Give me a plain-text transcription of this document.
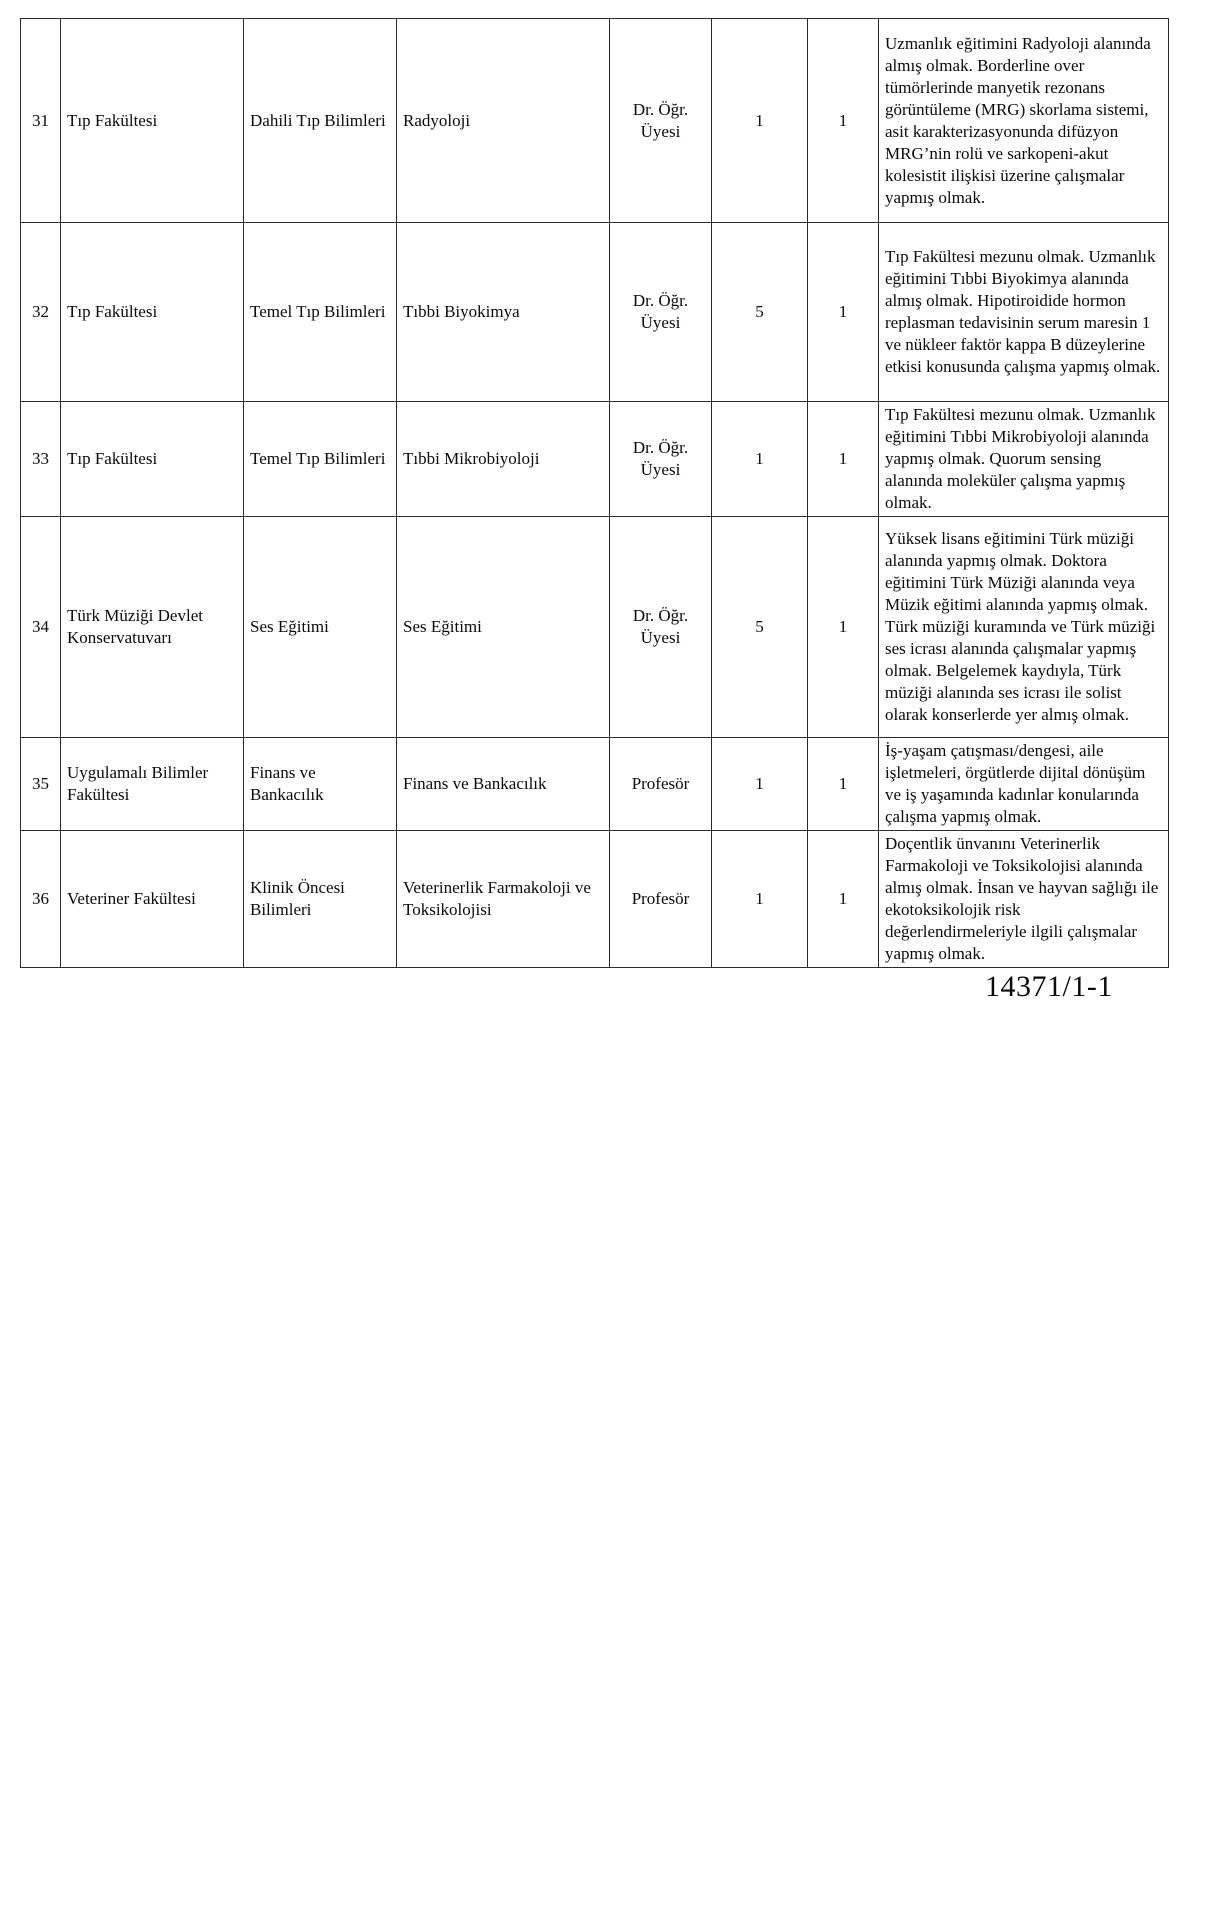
31	Tıp Fakültesi	Dahili Tıp Bilimleri	Radyoloji	Dr. Öğr. Üyesi	1	1	Uzmanlık eğitimini Radyoloji alanında almış olmak. Borderline over tümörlerinde manyetik rezonans görüntüleme (MRG) skorlama sistemi, asit karakterizasyonunda difüzyon MRG’nin rolü ve sarkopeni-akut kolesistit ilişkisi üzerine çalışmalar yapmış olmak.
32	Tıp Fakültesi	Temel Tıp Bilimleri	Tıbbi Biyokimya	Dr. Öğr. Üyesi	5	1	Tıp Fakültesi mezunu olmak. Uzmanlık eğitimini Tıbbi Biyokimya alanında almış olmak. Hipotiroidide hormon replasman tedavisinin serum maresin 1 ve nükleer faktör kappa B düzeylerine etkisi konusunda çalışma yapmış olmak.
33	Tıp Fakültesi	Temel Tıp Bilimleri	Tıbbi Mikrobiyoloji	Dr. Öğr. Üyesi	1	1	Tıp Fakültesi mezunu olmak. Uzmanlık eğitimini Tıbbi Mikrobiyoloji alanında yapmış olmak. Quorum sensing alanında moleküler çalışma yapmış olmak.
34	Türk Müziği Devlet Konservatuvarı	Ses Eğitimi	Ses Eğitimi	Dr. Öğr. Üyesi	5	1	Yüksek lisans eğitimini Türk müziği alanında yapmış olmak. Doktora eğitimini Türk Müziği alanında veya Müzik eğitimi alanında yapmış olmak. Türk müziği kuramında ve Türk müziği ses icrası alanında çalışmalar yapmış olmak. Belgelemek kaydıyla, Türk müziği alanında ses icrası ile solist olarak konserlerde yer almış olmak.
35	Uygulamalı Bilimler Fakültesi	Finans ve Bankacılık	Finans ve Bankacılık	Profesör	1	1	İş-yaşam çatışması/dengesi, aile işletmeleri, örgütlerde dijital dönüşüm ve iş yaşamında kadınlar konularında çalışma yapmış olmak.
36	Veteriner Fakültesi	Klinik Öncesi Bilimleri	Veterinerlik Farmakoloji ve Toksikolojisi	Profesör	1	1	Doçentlik ünvanını Veterinerlik Farmakoloji ve Toksikolojisi alanında almış olmak. İnsan ve hayvan sağlığı ile ekotoksikolojik risk değerlendirmeleriyle ilgili çalışmalar yapmış olmak.
14371/1-1
